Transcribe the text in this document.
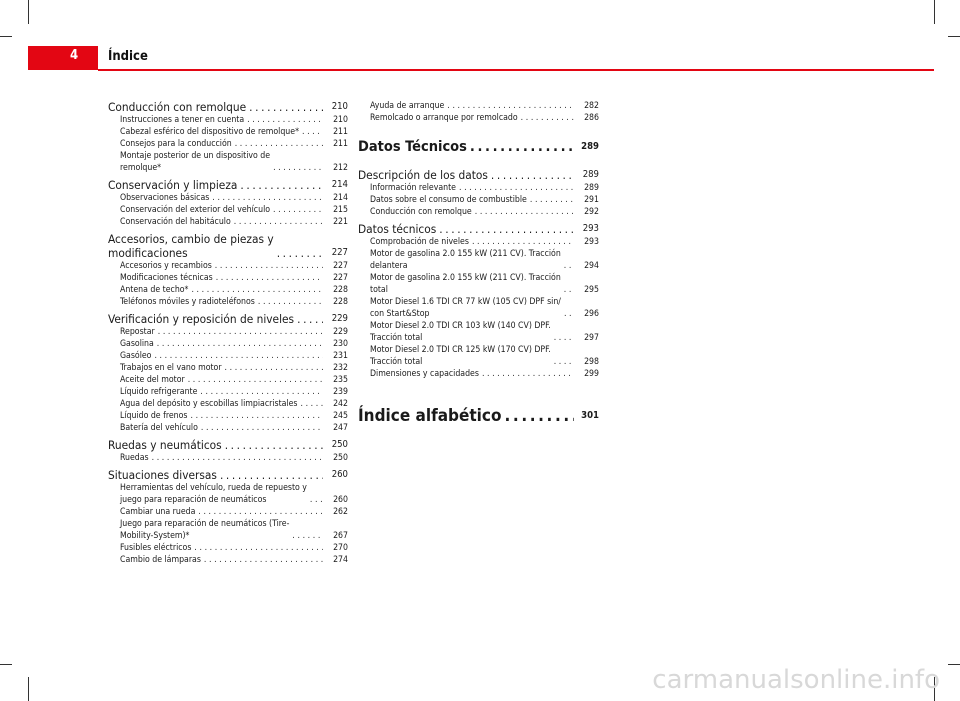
4 Índice
Conducción con remolque .....	210
Instrucciones a tener en cuenta .....	210
Cabezal esférico del dispositivo de remolque* .....	211
Consejos para la conducción .....	211
Montaje posterior de un dispositivo de
remolque* .....	212
Conservación y limpieza .....	214
Observaciones básicas .....	214
Conservación del exterior del vehículo .....	215
Conservación del habitáculo .....	221
Accesorios, cambio de piezas y
modificaciones .....	227
Accesorios y recambios .....	227
Modificaciones técnicas .....	227
Antena de techo* .....	228
Teléfonos móviles y radioteléfonos .....	228
Verificación y reposición de niveles .....	229
Repostar .....	229
Gasolina .....	230
Gasóleo .....	231
Trabajos en el vano motor .....	232
Aceite del motor .....	235
Líquido refrigerante .....	239
Agua del depósito y escobillas limpiacristales .....	242
Líquido de frenos .....	245
Batería del vehículo .....	247
Ruedas y neumáticos .....	250
Ruedas .....	250
Situaciones diversas .....	260
Herramientas del vehículo, rueda de repuesto y
juego para reparación de neumáticos .....	260
Cambiar una rueda .....	262
Juego para reparación de neumáticos (Tire-
Mobility-System)* .....	267
Fusibles eléctricos .....	270
Cambio de lámparas .....	274
Ayuda de arranque .....	282
Remolcado o arranque por remolcado .....	286
Datos Técnicos .....	289
Descripción de los datos .....	289
Información relevante .....	289
Datos sobre el consumo de combustible .....	291
Conducción con remolque .....	292
Datos técnicos .....	293
Comprobación de niveles .....	293
Motor de gasolina 2.0 155 kW (211 CV). Tracción
delantera .....	294
Motor de gasolina 2.0 155 kW (211 CV). Tracción
total .....	295
Motor Diesel 1.6 TDI CR 77 kW (105 CV) DPF sin/
con Start&Stop .....	296
Motor Diesel 2.0 TDI CR 103 kW (140 CV) DPF.
Tracción total .....	297
Motor Diesel 2.0 TDI CR 125 kW (170 CV) DPF.
Tracción total .....	298
Dimensiones y capacidades .....	299
Índice alfabético .....	301
carmanualsonline.info
